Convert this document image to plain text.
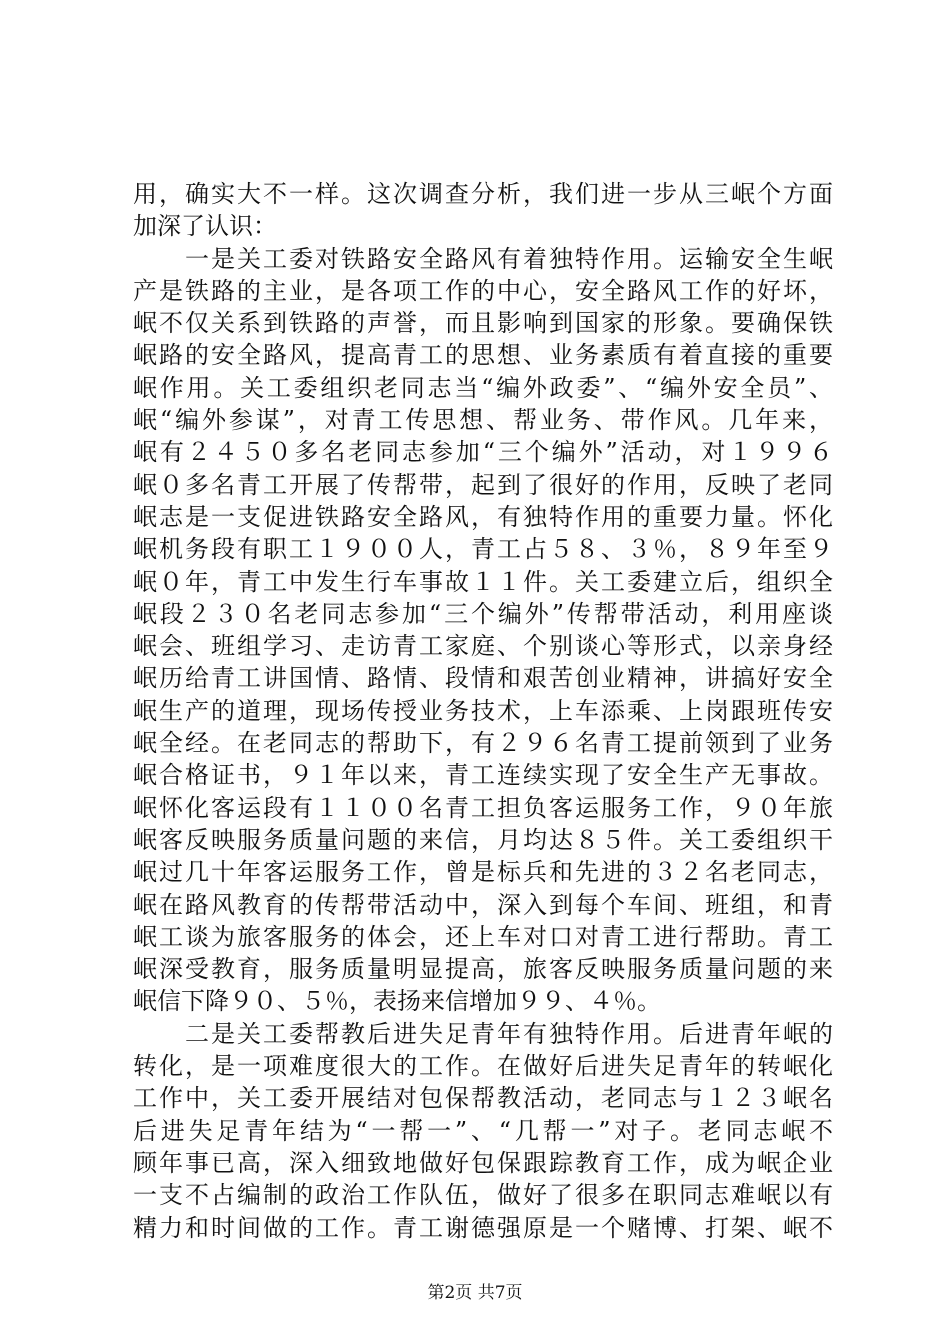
用，确实大不一样。这次调查分析，我们进一步从三岷个方面
加深了认识：
　　一是关工委对铁路安全路风有着独特作用。运输安全生岷
产是铁路的主业，是各项工作的中心，安全路风工作的好坏，
岷不仅关系到铁路的声誉，而且影响到国家的形象。要确保铁
岷路的安全路风，提高青工的思想、业务素质有着直接的重要
岷作用。关工委组织老同志当“编外政委”、“编外安全员”、
岷“编外参谋”，对青工传思想、帮业务、带作风。几年来，
岷有２４５０多名老同志参加“三个编外”活动，对１９９６
岷０多名青工开展了传帮带，起到了很好的作用，反映了老同
岷志是一支促进铁路安全路风，有独特作用的重要力量。怀化
岷机务段有职工１９００人，青工占５８、３％，８９年至９
岷０年，青工中发生行车事故１１件。关工委建立后，组织全
岷段２３０名老同志参加“三个编外”传帮带活动，利用座谈
岷会、班组学习、走访青工家庭、个别谈心等形式，以亲身经
岷历给青工讲国情、路情、段情和艰苦创业精神，讲搞好安全
岷生产的道理，现场传授业务技术，上车添乘、上岗跟班传安
岷全经。在老同志的帮助下，有２９６名青工提前领到了业务
岷合格证书，９１年以来，青工连续实现了安全生产无事故。
岷怀化客运段有１１００名青工担负客运服务工作，９０年旅
岷客反映服务质量问题的来信，月均达８５件。关工委组织干
岷过几十年客运服务工作，曾是标兵和先进的３２名老同志，
岷在路风教育的传帮带活动中，深入到每个车间、班组，和青
岷工谈为旅客服务的体会，还上车对口对青工进行帮助。青工
岷深受教育，服务质量明显提高，旅客反映服务质量问题的来
岷信下降９０、５％，表扬来信增加９９、４％。
　　二是关工委帮教后进失足青年有独特作用。后进青年岷的
转化，是一项难度很大的工作。在做好后进失足青年的转岷化
工作中，关工委开展结对包保帮教活动，老同志与１２３岷名
后进失足青年结为“一帮一”、“几帮一”对子。老同志岷不
顾年事已高，深入细致地做好包保跟踪教育工作，成为岷企业
一支不占编制的政治工作队伍，做好了很多在职同志难岷以有
精力和时间做的工作。青工谢德强原是一个赌博、打架、岷不
第2页 共7页
